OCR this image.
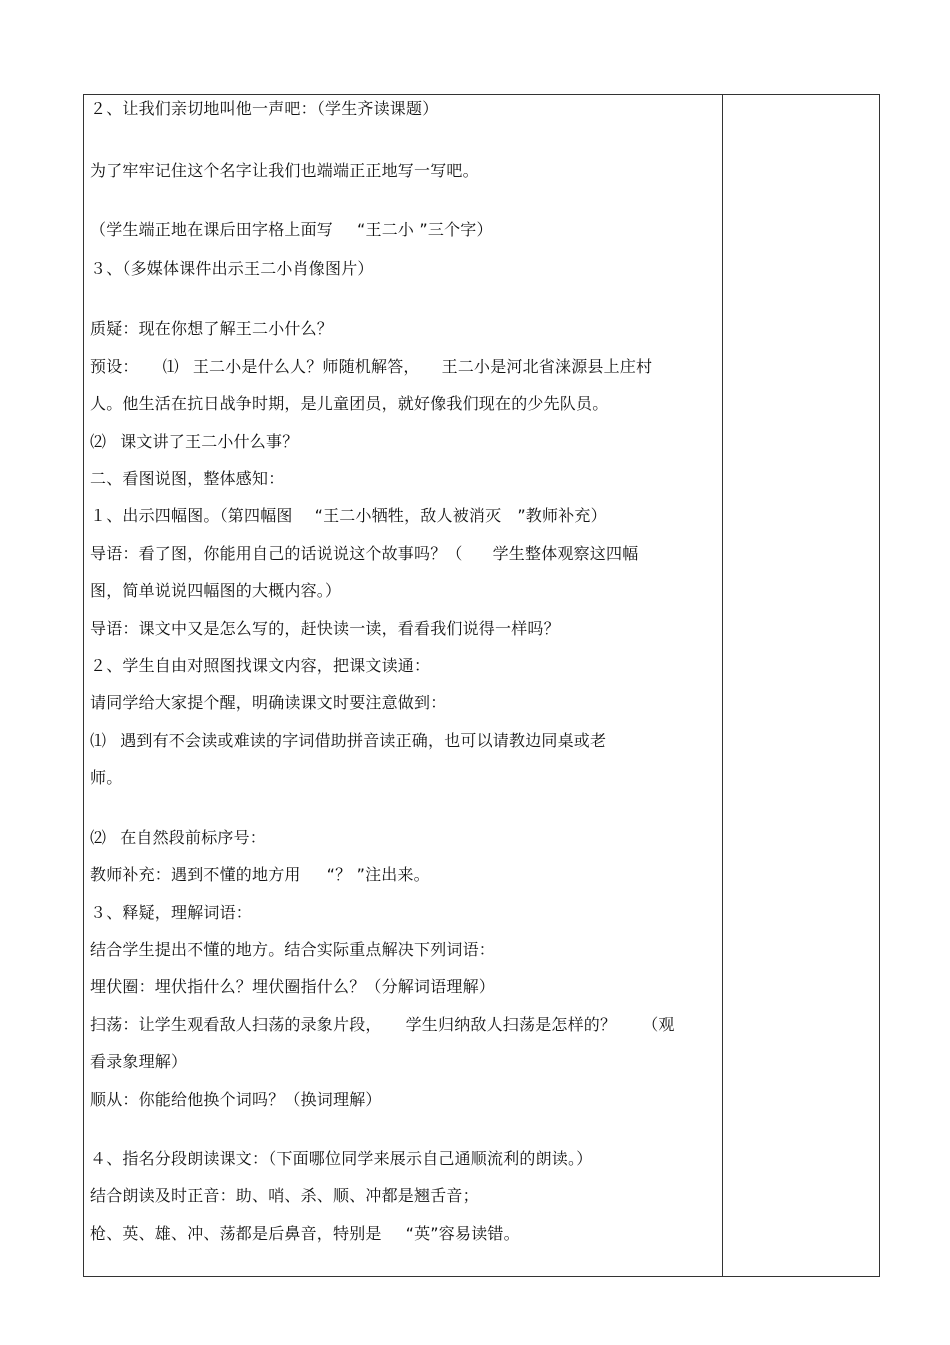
２、让我们亲切地叫他一声吧：（学生齐读课题）
为了牢牢记住这个名字让我们也端端正正地写一写吧。
（学生端正地在课后田字格上面写 “王二小 ”三个字）
３、（多媒体课件出示王二小肖像图片）
质疑：现在你想了解王二小什么？
预设： ⑴ 王二小是什么人？师随机解答， 王二小是河北省涞源县上庄村
人。他生活在抗日战争时期，是儿童团员，就好像我们现在的少先队员。
⑵ 课文讲了王二小什么事？
二、看图说图，整体感知：
１、出示四幅图。（第四幅图 “王二小牺牲，敌人被消灭 ”教师补充）
导语：看了图，你能用自己的话说说这个故事吗？（ 学生整体观察这四幅
图，简单说说四幅图的大概内容。）
导语：课文中又是怎么写的，赶快读一读，看看我们说得一样吗？
２、学生自由对照图找课文内容，把课文读通：
请同学给大家提个醒，明确读课文时要注意做到：
⑴ 遇到有不会读或难读的字词借助拼音读正确，也可以请教边同桌或老
师。
⑵ 在自然段前标序号：
教师补充：遇到不懂的地方用 “？ ”注出来。
３、释疑，理解词语：
结合学生提出不懂的地方。结合实际重点解决下列词语：
埋伏圈：埋伏指什么？埋伏圈指什么？（分解词语理解）
扫荡：让学生观看敌人扫荡的录象片段， 学生归纳敌人扫荡是怎样的？ （观
看录象理解）
顺从：你能给他换个词吗？（换词理解）
４、指名分段朗读课文：（下面哪位同学来展示自己通顺流利的朗读。）
结合朗读及时正音：助、哨、杀、顺、冲都是翘舌音；
枪、英、雄、冲、荡都是后鼻音，特别是 “英”容易读错。
